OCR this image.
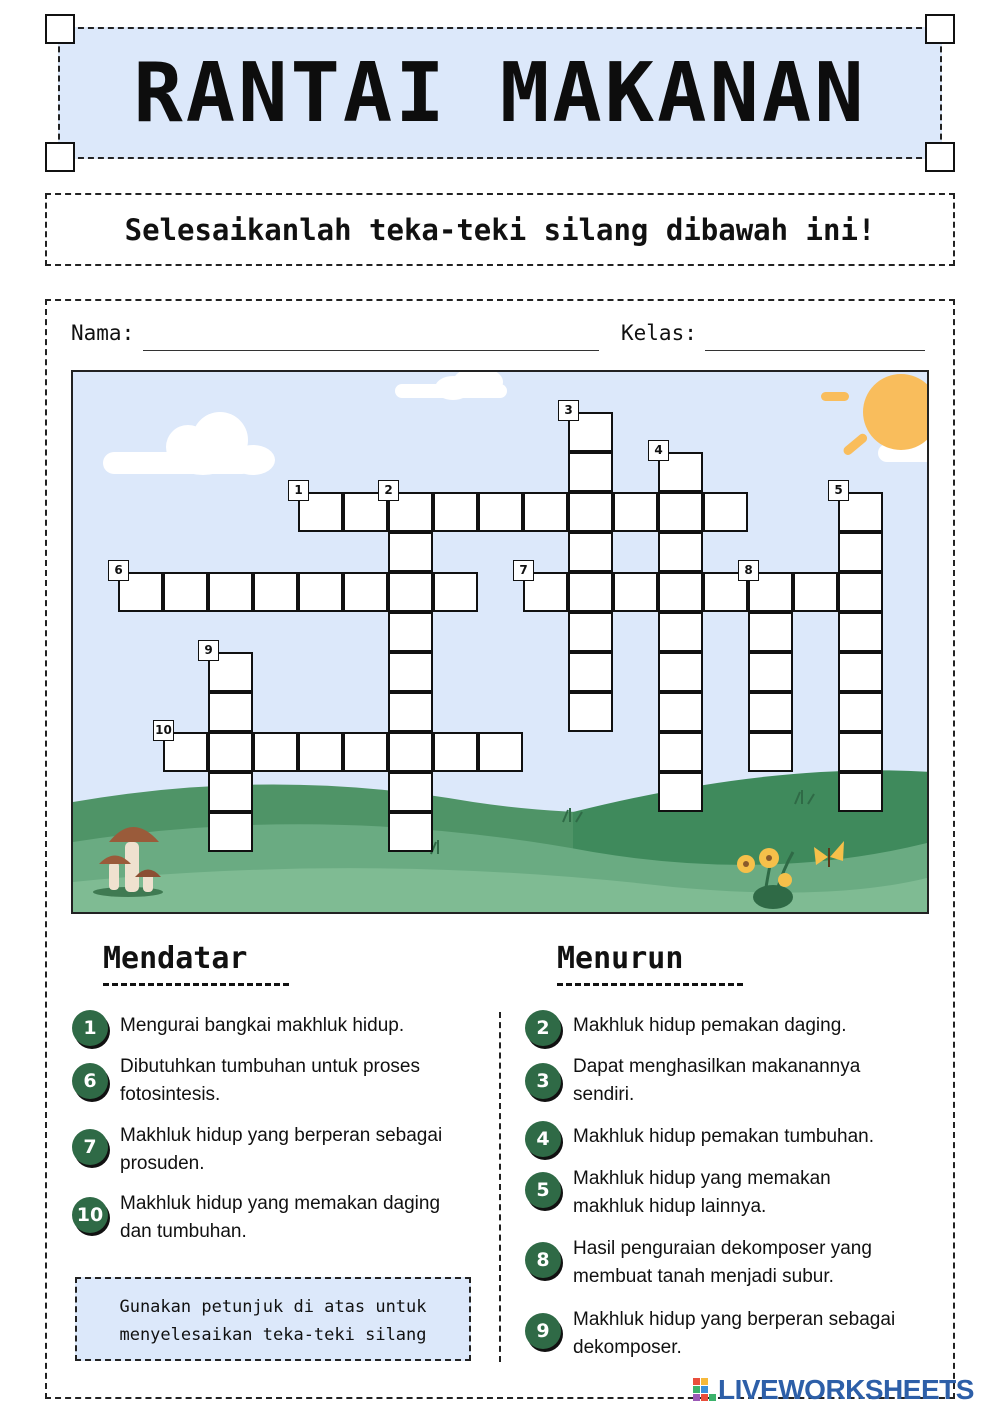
RANTAI MAKANAN
Selesaikanlah teka-teki silang dibawah ini!
Nama:	Kelas:
1	2
3
4
5
6	7	8
9
10
Mendatar	Menurun
1	Mengurai bangkai makhluk hidup.
6
Dibutuhkan tumbuhan untuk proses fotosintesis.
7
Makhluk hidup yang berperan sebagai prosuden.
10
Makhluk hidup yang memakan daging dan tumbuhan.
2	Makhluk hidup pemakan daging.
3
Dapat menghasilkan makanannya sendiri.
4	Makhluk hidup pemakan tumbuhan.
5
Makhluk hidup yang memakan makhluk hidup lainnya.
8
Hasil penguraian dekomposer yang membuat tanah menjadi subur.
9
Makhluk hidup yang berperan sebagai dekomposer.
Gunakan petunjuk di atas untuk
menyelesaikan teka-teki silang
LIVEWORKSHEETS
